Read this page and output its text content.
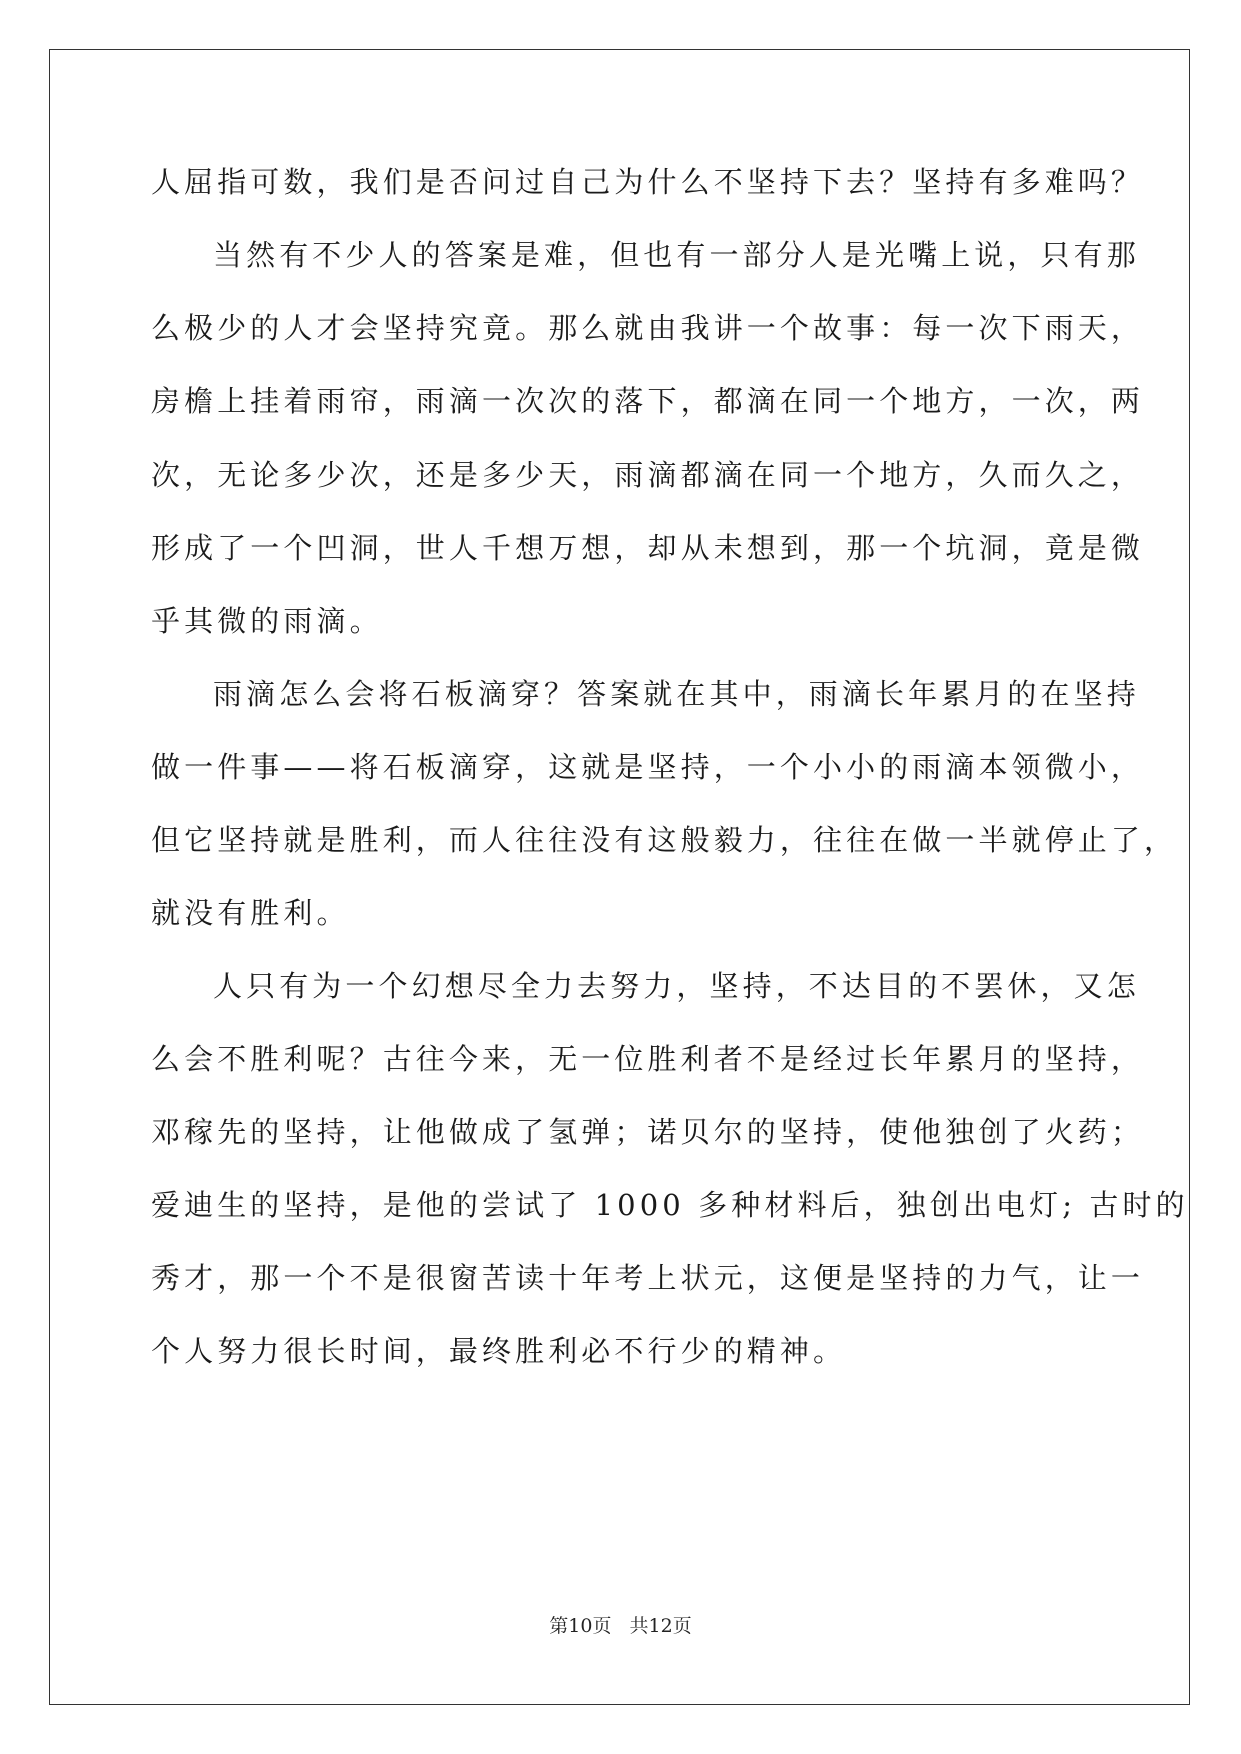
人屈指可数，我们是否问过自己为什么不坚持下去？坚持有多难吗？
当然有不少人的答案是难，但也有一部分人是光嘴上说，只有那
么极少的人才会坚持究竟。那么就由我讲一个故事：每一次下雨天，
房檐上挂着雨帘，雨滴一次次的落下，都滴在同一个地方，一次，两
次，无论多少次，还是多少天，雨滴都滴在同一个地方，久而久之，
形成了一个凹洞，世人千想万想，却从未想到，那一个坑洞，竟是微
乎其微的雨滴。
雨滴怎么会将石板滴穿？答案就在其中，雨滴长年累月的在坚持
做一件事——将石板滴穿，这就是坚持，一个小小的雨滴本领微小，
但它坚持就是胜利，而人往往没有这般毅力，往往在做一半就停止了，
就没有胜利。
人只有为一个幻想尽全力去努力，坚持，不达目的不罢休，又怎
么会不胜利呢？古往今来，无一位胜利者不是经过长年累月的坚持，
邓稼先的坚持，让他做成了氢弹；诺贝尔的坚持，使他独创了火药；
爱迪生的坚持，是他的尝试了 1000 多种材料后，独创出电灯; 古时的
秀才，那一个不是很窗苦读十年考上状元，这便是坚持的力气，让一
个人努力很长时间，最终胜利必不行少的精神。
第10页 共12页
